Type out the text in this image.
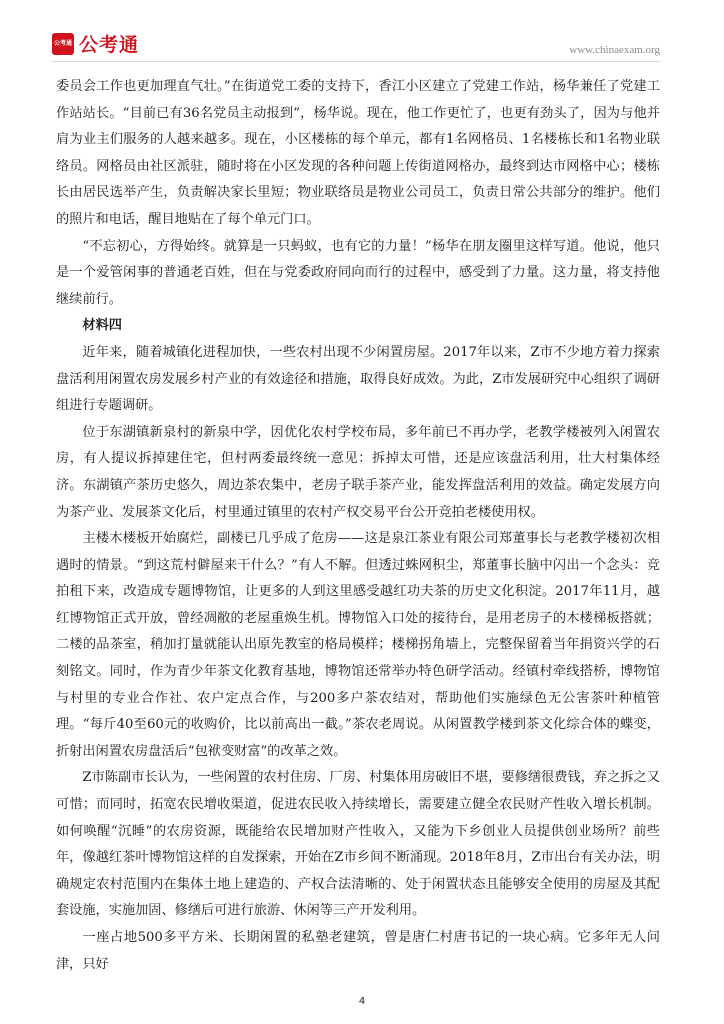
公考通 公考通	www.chinaexam.org

委员会工作也更加理直气壮。”在街道党工委的支持下，香江小区建立了党建工作站，杨华兼任了党建工作站站长。“目前已有36名党员主动报到”，杨华说。现在，他工作更忙了，也更有劲头了，因为与他并肩为业主们服务的人越来越多。现在，小区楼栋的每个单元，都有1名网格员、1名楼栋长和1名物业联络员。网格员由社区派驻，随时将在小区发现的各种问题上传街道网格办，最终到达市网格中心；楼栋长由居民选举产生，负责解决家长里短；物业联络员是物业公司员工，负责日常公共部分的维护。他们的照片和电话，醒目地贴在了每个单元门口。

“不忘初心，方得始终。就算是一只蚂蚁，也有它的力量！”杨华在朋友圈里这样写道。他说，他只是一个爱管闲事的普通老百姓，但在与党委政府同向而行的过程中，感受到了力量。这力量，将支持他继续前行。

材料四

近年来，随着城镇化进程加快，一些农村出现不少闲置房屋。2017年以来，Z市不少地方着力探索盘活利用闲置农房发展乡村产业的有效途径和措施，取得良好成效。为此，Z市发展研究中心组织了调研组进行专题调研。

位于东湖镇新泉村的新泉中学，因优化农村学校布局，多年前已不再办学，老教学楼被列入闲置农房，有人提议拆掉建住宅，但村两委最终统一意见：拆掉太可惜，还是应该盘活利用，壮大村集体经济。东湖镇产茶历史悠久，周边茶农集中，老房子联手茶产业，能发挥盘活利用的效益。确定发展方向为茶产业、发展茶文化后，村里通过镇里的农村产权交易平台公开竞拍老楼使用权。

主楼木楼板开始腐烂，副楼已几乎成了危房——这是泉江茶业有限公司郑董事长与老教学楼初次相遇时的情景。“到这荒村僻屋来干什么？”有人不解。但透过蛛网积尘，郑董事长脑中闪出一个念头：竞拍租下来，改造成专题博物馆，让更多的人到这里感受越红功夫茶的历史文化积淀。2017年11月，越红博物馆正式开放，曾经凋敝的老屋重焕生机。博物馆入口处的接待台，是用老房子的木楼梯板搭就；二楼的品茶室，稍加打量就能认出原先教室的格局模样；楼梯拐角墙上，完整保留着当年捐资兴学的石刻铭文。同时，作为青少年茶文化教育基地，博物馆还常举办特色研学活动。经镇村牵线搭桥，博物馆与村里的专业合作社、农户定点合作，与200多户茶农结对，帮助他们实施绿色无公害茶叶种植管理。“每斤40至60元的收购价，比以前高出一截。”茶农老周说。从闲置教学楼到茶文化综合体的蝶变，折射出闲置农房盘活后“包袱变财富”的改革之效。

Z市陈副市长认为，一些闲置的农村住房、厂房、村集体用房破旧不堪，要修缮很费钱，弃之拆之又可惜；而同时，拓宽农民增收渠道，促进农民收入持续增长，需要建立健全农民财产性收入增长机制。如何唤醒“沉睡”的农房资源，既能给农民增加财产性收入，又能为下乡创业人员提供创业场所？前些年，像越红茶叶博物馆这样的自发探索，开始在Z市乡间不断涌现。2018年8月，Z市出台有关办法，明确规定农村范围内在集体土地上建造的、产权合法清晰的、处于闲置状态且能够安全使用的房屋及其配套设施，实施加固、修缮后可进行旅游、休闲等三产开发利用。

一座占地500多平方米、长期闲置的私塾老建筑，曾是唐仁村唐书记的一块心病。它多年无人问津，只好

4
